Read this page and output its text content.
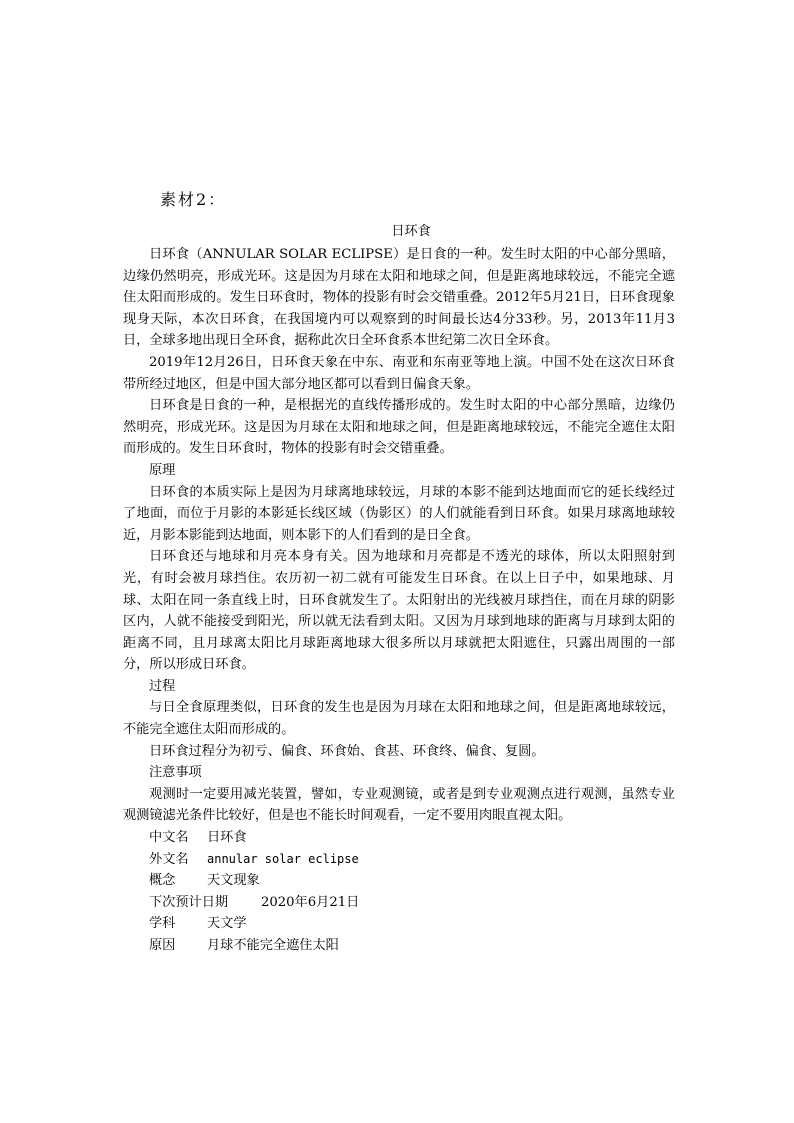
素材2：

日环食

日环食（ANNULAR SOLAR ECLIPSE）是日食的一种。发生时太阳的中心部分黑暗，边缘仍然明亮，形成光环。这是因为月球在太阳和地球之间，但是距离地球较远，不能完全遮住太阳而形成的。发生日环食时，物体的投影有时会交错重叠。2012年5月21日，日环食现象现身天际，本次日环食，在我国境内可以观察到的时间最长达4分33秒。另，2013年11月3日，全球多地出现日全环食，据称此次日全环食系本世纪第二次日全环食。

2019年12月26日，日环食天象在中东、南亚和东南亚等地上演。中国不处在这次日环食带所经过地区，但是中国大部分地区都可以看到日偏食天象。

日环食是日食的一种，是根据光的直线传播形成的。发生时太阳的中心部分黑暗，边缘仍然明亮，形成光环。这是因为月球在太阳和地球之间，但是距离地球较远，不能完全遮住太阳而形成的。发生日环食时，物体的投影有时会交错重叠。

原理

日环食的本质实际上是因为月球离地球较远，月球的本影不能到达地面而它的延长线经过了地面，而位于月影的本影延长线区域（伪影区）的人们就能看到日环食。如果月球离地球较近，月影本影能到达地面，则本影下的人们看到的是日全食。

日环食还与地球和月亮本身有关。因为地球和月亮都是不透光的球体，所以太阳照射到光，有时会被月球挡住。农历初一初二就有可能发生日环食。在以上日子中，如果地球、月球、太阳在同一条直线上时，日环食就发生了。太阳射出的光线被月球挡住，而在月球的阴影区内，人就不能接受到阳光，所以就无法看到太阳。又因为月球到地球的距离与月球到太阳的距离不同，且月球离太阳比月球距离地球大很多所以月球就把太阳遮住，只露出周围的一部分，所以形成日环食。

过程

与日全食原理类似，日环食的发生也是因为月球在太阳和地球之间，但是距离地球较远，不能完全遮住太阳而形成的。

日环食过程分为初亏、偏食、环食始、食甚、环食终、偏食、复圆。

注意事项

观测时一定要用减光装置，譬如，专业观测镜，或者是到专业观测点进行观测，虽然专业观测镜滤光条件比较好，但是也不能长时间观看，一定不要用肉眼直视太阳。

中文名	日环食

外文名	annular solar eclipse

概念	天文现象

下次预计日期	2020年6月21日

学科	天文学

原因	月球不能完全遮住太阳
